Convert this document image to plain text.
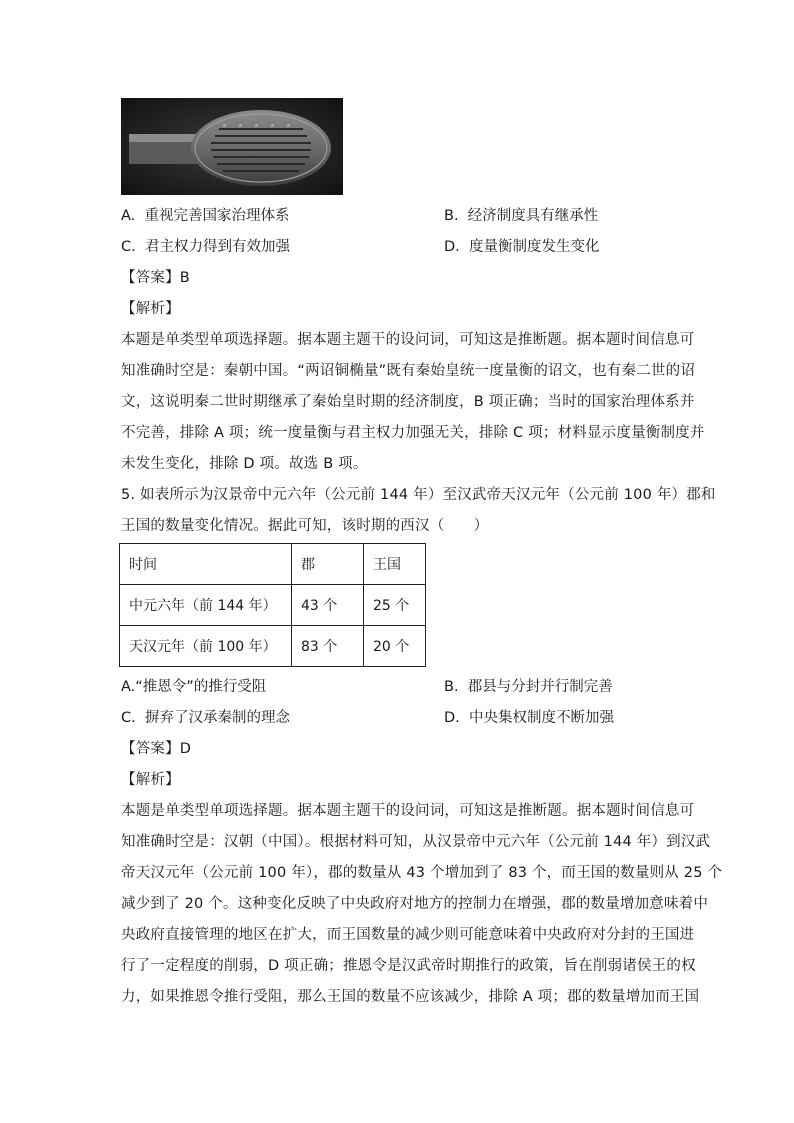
A. 重视完善国家治理体系	B. 经济制度具有继承性
C. 君主权力得到有效加强	D. 度量衡制度发生变化
【答案】B
【解析】
本题是单类型单项选择题。据本题主题干的设问词，可知这是推断题。据本题时间信息可
知准确时空是：秦朝中国。“两诏铜椭量”既有秦始皇统一度量衡的诏文，也有秦二世的诏
文，这说明秦二世时期继承了秦始皇时期的经济制度，B 项正确；当时的国家治理体系并
不完善，排除 A 项；统一度量衡与君主权力加强无关，排除 C 项；材料显示度量衡制度并
未发生变化，排除 D 项。故选 B 项。
5. 如表所示为汉景帝中元六年（公元前 144 年）至汉武帝天汉元年（公元前 100 年）郡和
王国的数量变化情况。据此可知，该时期的西汉（　　）
时间	郡	王国
中元六年（前 144 年）	43 个	25 个
天汉元年（前 100 年）	83 个	20 个
A.“推恩令”的推行受阻	B. 郡县与分封并行制完善
C. 摒弃了汉承秦制的理念	D. 中央集权制度不断加强
【答案】D
【解析】
本题是单类型单项选择题。据本题主题干的设问词，可知这是推断题。据本题时间信息可
知准确时空是：汉朝（中国）。根据材料可知，从汉景帝中元六年（公元前 144 年）到汉武
帝天汉元年（公元前 100 年），郡的数量从 43 个增加到了 83 个，而王国的数量则从 25 个
减少到了 20 个。这种变化反映了中央政府对地方的控制力在增强，郡的数量增加意味着中
央政府直接管理的地区在扩大，而王国数量的减少则可能意味着中央政府对分封的王国进
行了一定程度的削弱，D 项正确；推恩令是汉武帝时期推行的政策，旨在削弱诸侯王的权
力，如果推恩令推行受阻，那么王国的数量不应该减少，排除 A 项；郡的数量增加而王国
